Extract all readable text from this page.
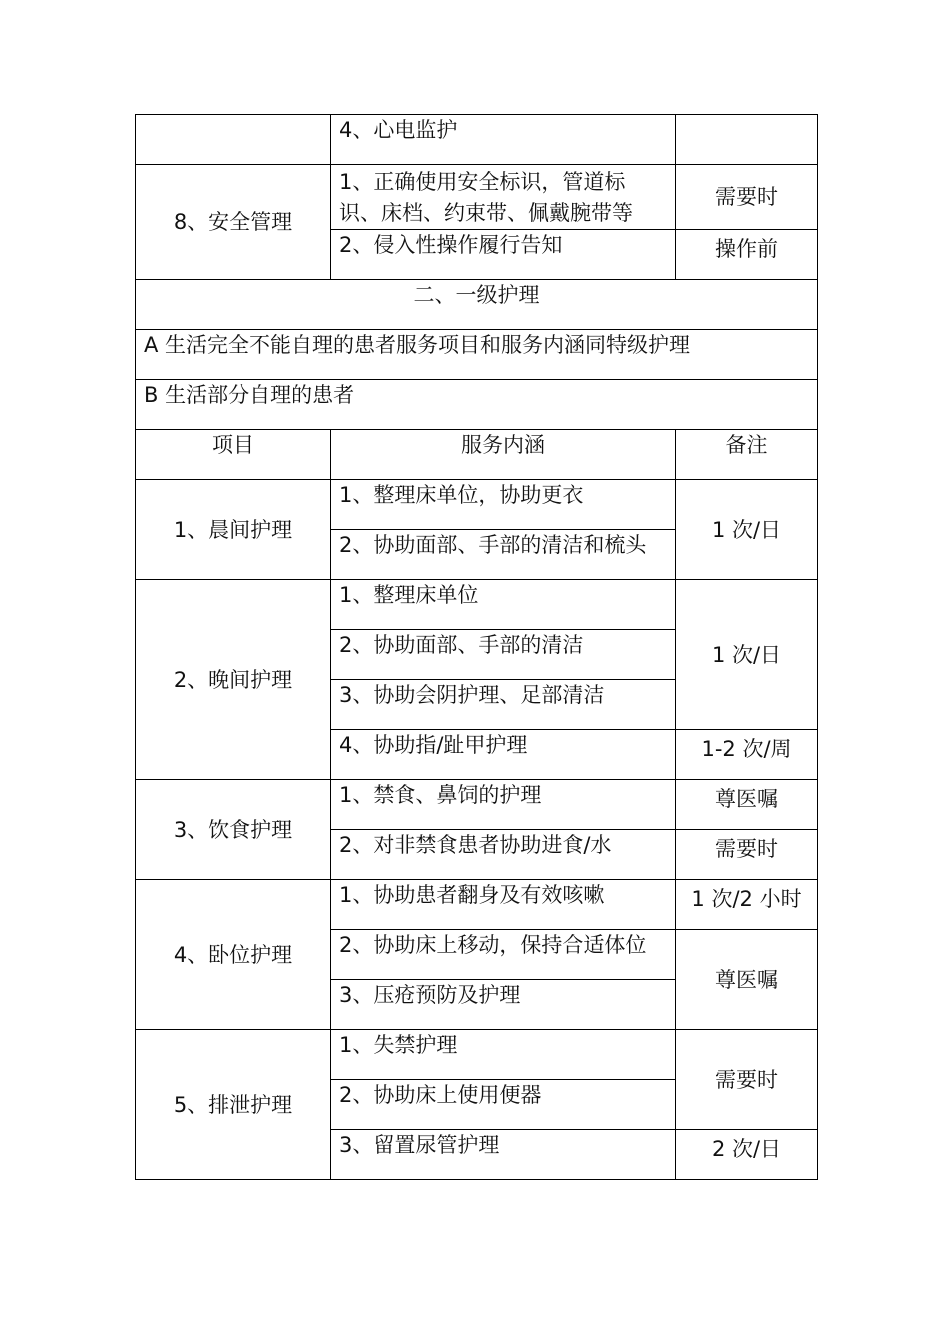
	4、心电监护	
8、安全管理	1、正确使用安全标识，管道标识、床档、约束带、佩戴腕带等	需要时
	2、侵入性操作履行告知	操作前
二、一级护理		
A 生活完全不能自理的患者服务项目和服务内涵同特级护理		
B 生活部分自理的患者		
项目	服务内涵	备注
1、晨间护理	1、整理床单位，协助更衣	1 次/日
	2、协助面部、手部的清洁和梳头	
2、晚间护理	1、整理床单位	1 次/日
	2、协助面部、手部的清洁	
	3、协助会阴护理、足部清洁	
	4、协助指/趾甲护理	1-2 次/周
3、饮食护理	1、禁食、鼻饲的护理	尊医嘱
	2、对非禁食患者协助进食/水	需要时
4、卧位护理	1、协助患者翻身及有效咳嗽	1 次/2 小时
	2、协助床上移动，保持合适体位	尊医嘱
	3、压疮预防及护理	
5、排泄护理	1、失禁护理	需要时
	2、协助床上使用便器	
	3、留置尿管护理	2 次/日
